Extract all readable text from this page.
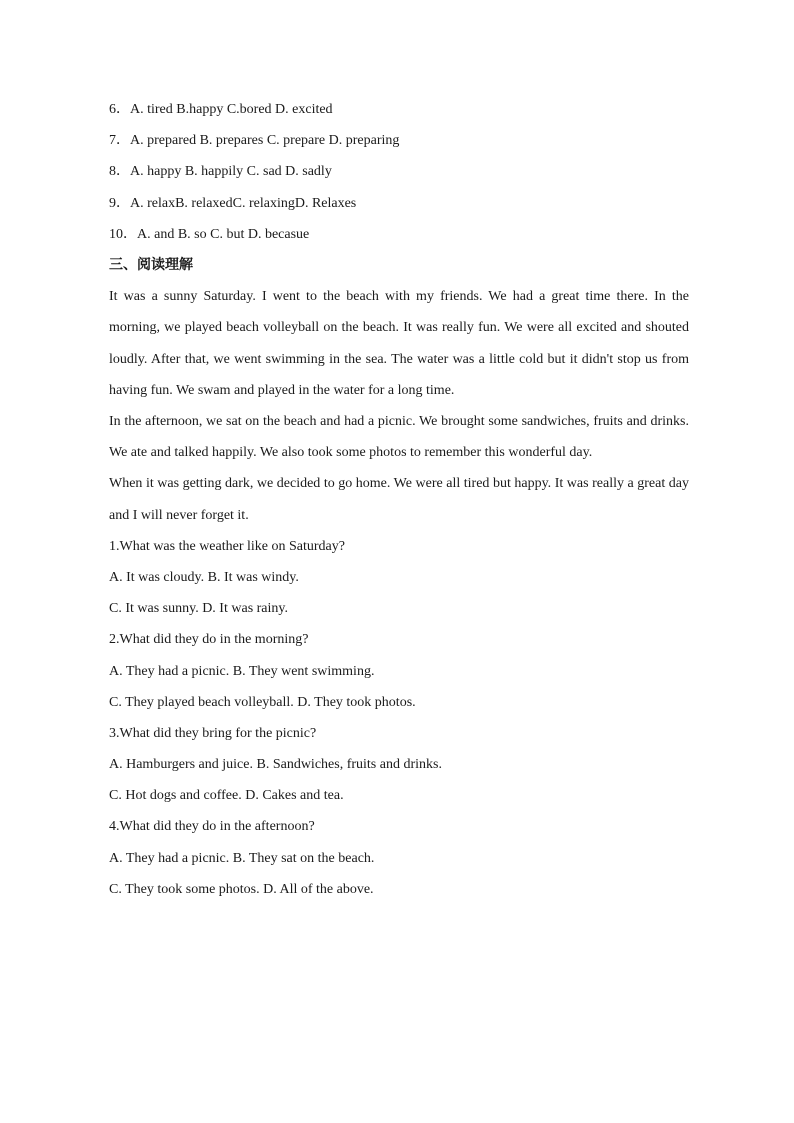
6．A. tired B.happy C.bored D. excited
7．A. prepared B. prepares C. prepare D. preparing
8．A. happy B. happily C. sad D. sadly
9．A. relaxB. relaxedC. relaxingD. Relaxes
10．A. and B. so C. but D. becasue
三、阅读理解

It was a sunny Saturday. I went to the beach with my friends. We had a great time there. In the morning, we played beach volleyball on the beach. It was really fun. We were all excited and shouted loudly. After that, we went swimming in the sea. The water was a little cold but it didn't stop us from having fun. We swam and played in the water for a long time.

In the afternoon, we sat on the beach and had a picnic. We brought some sandwiches, fruits and drinks. We ate and talked happily. We also took some photos to remember this wonderful day.

When it was getting dark, we decided to go home. We were all tired but happy. It was really a great day and I will never forget it.

1.What was the weather like on Saturday?
A. It was cloudy. B. It was windy.
C. It was sunny. D. It was rainy.
2.What did they do in the morning?
A. They had a picnic. B. They went swimming.
C. They played beach volleyball. D. They took photos.
3.What did they bring for the picnic?
A. Hamburgers and juice. B. Sandwiches, fruits and drinks.
C. Hot dogs and coffee. D. Cakes and tea.
4.What did they do in the afternoon?
A. They had a picnic. B. They sat on the beach.
C. They took some photos. D. All of the above.
